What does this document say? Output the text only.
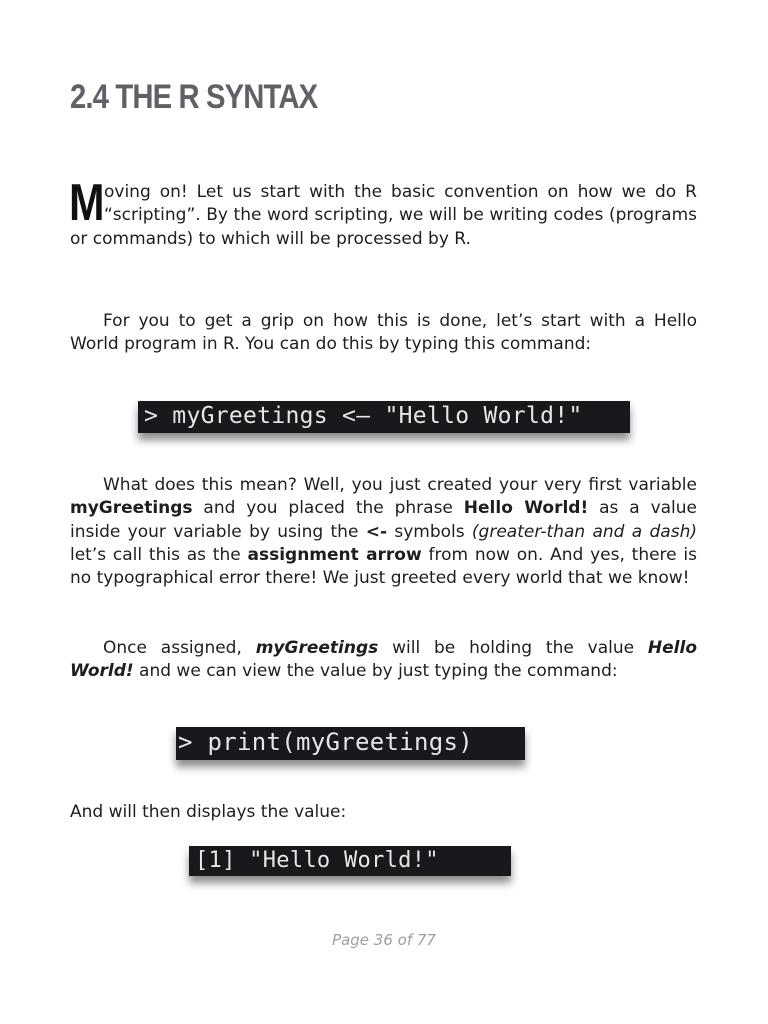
2.4 THE R SYNTAX
Moving on! Let us start with the basic convention on how we do R “scripting”. By the word scripting, we will be writing codes (programs or commands) to which will be processed by R.
For you to get a grip on how this is done, let’s start with a Hello World program in R. You can do this by typing this command:
> myGreetings <– "Hello World!"
What does this mean? Well, you just created your very first variable myGreetings and you placed the phrase Hello World! as a value inside your variable by using the <- symbols (greater-than and a dash) let’s call this as the assignment arrow from now on. And yes, there is no typographical error there! We just greeted every world that we know!
Once assigned, myGreetings will be holding the value Hello World! and we can view the value by just typing the command:
> print(myGreetings)
And will then displays the value:
[1] "Hello World!"
Page 36 of 77
